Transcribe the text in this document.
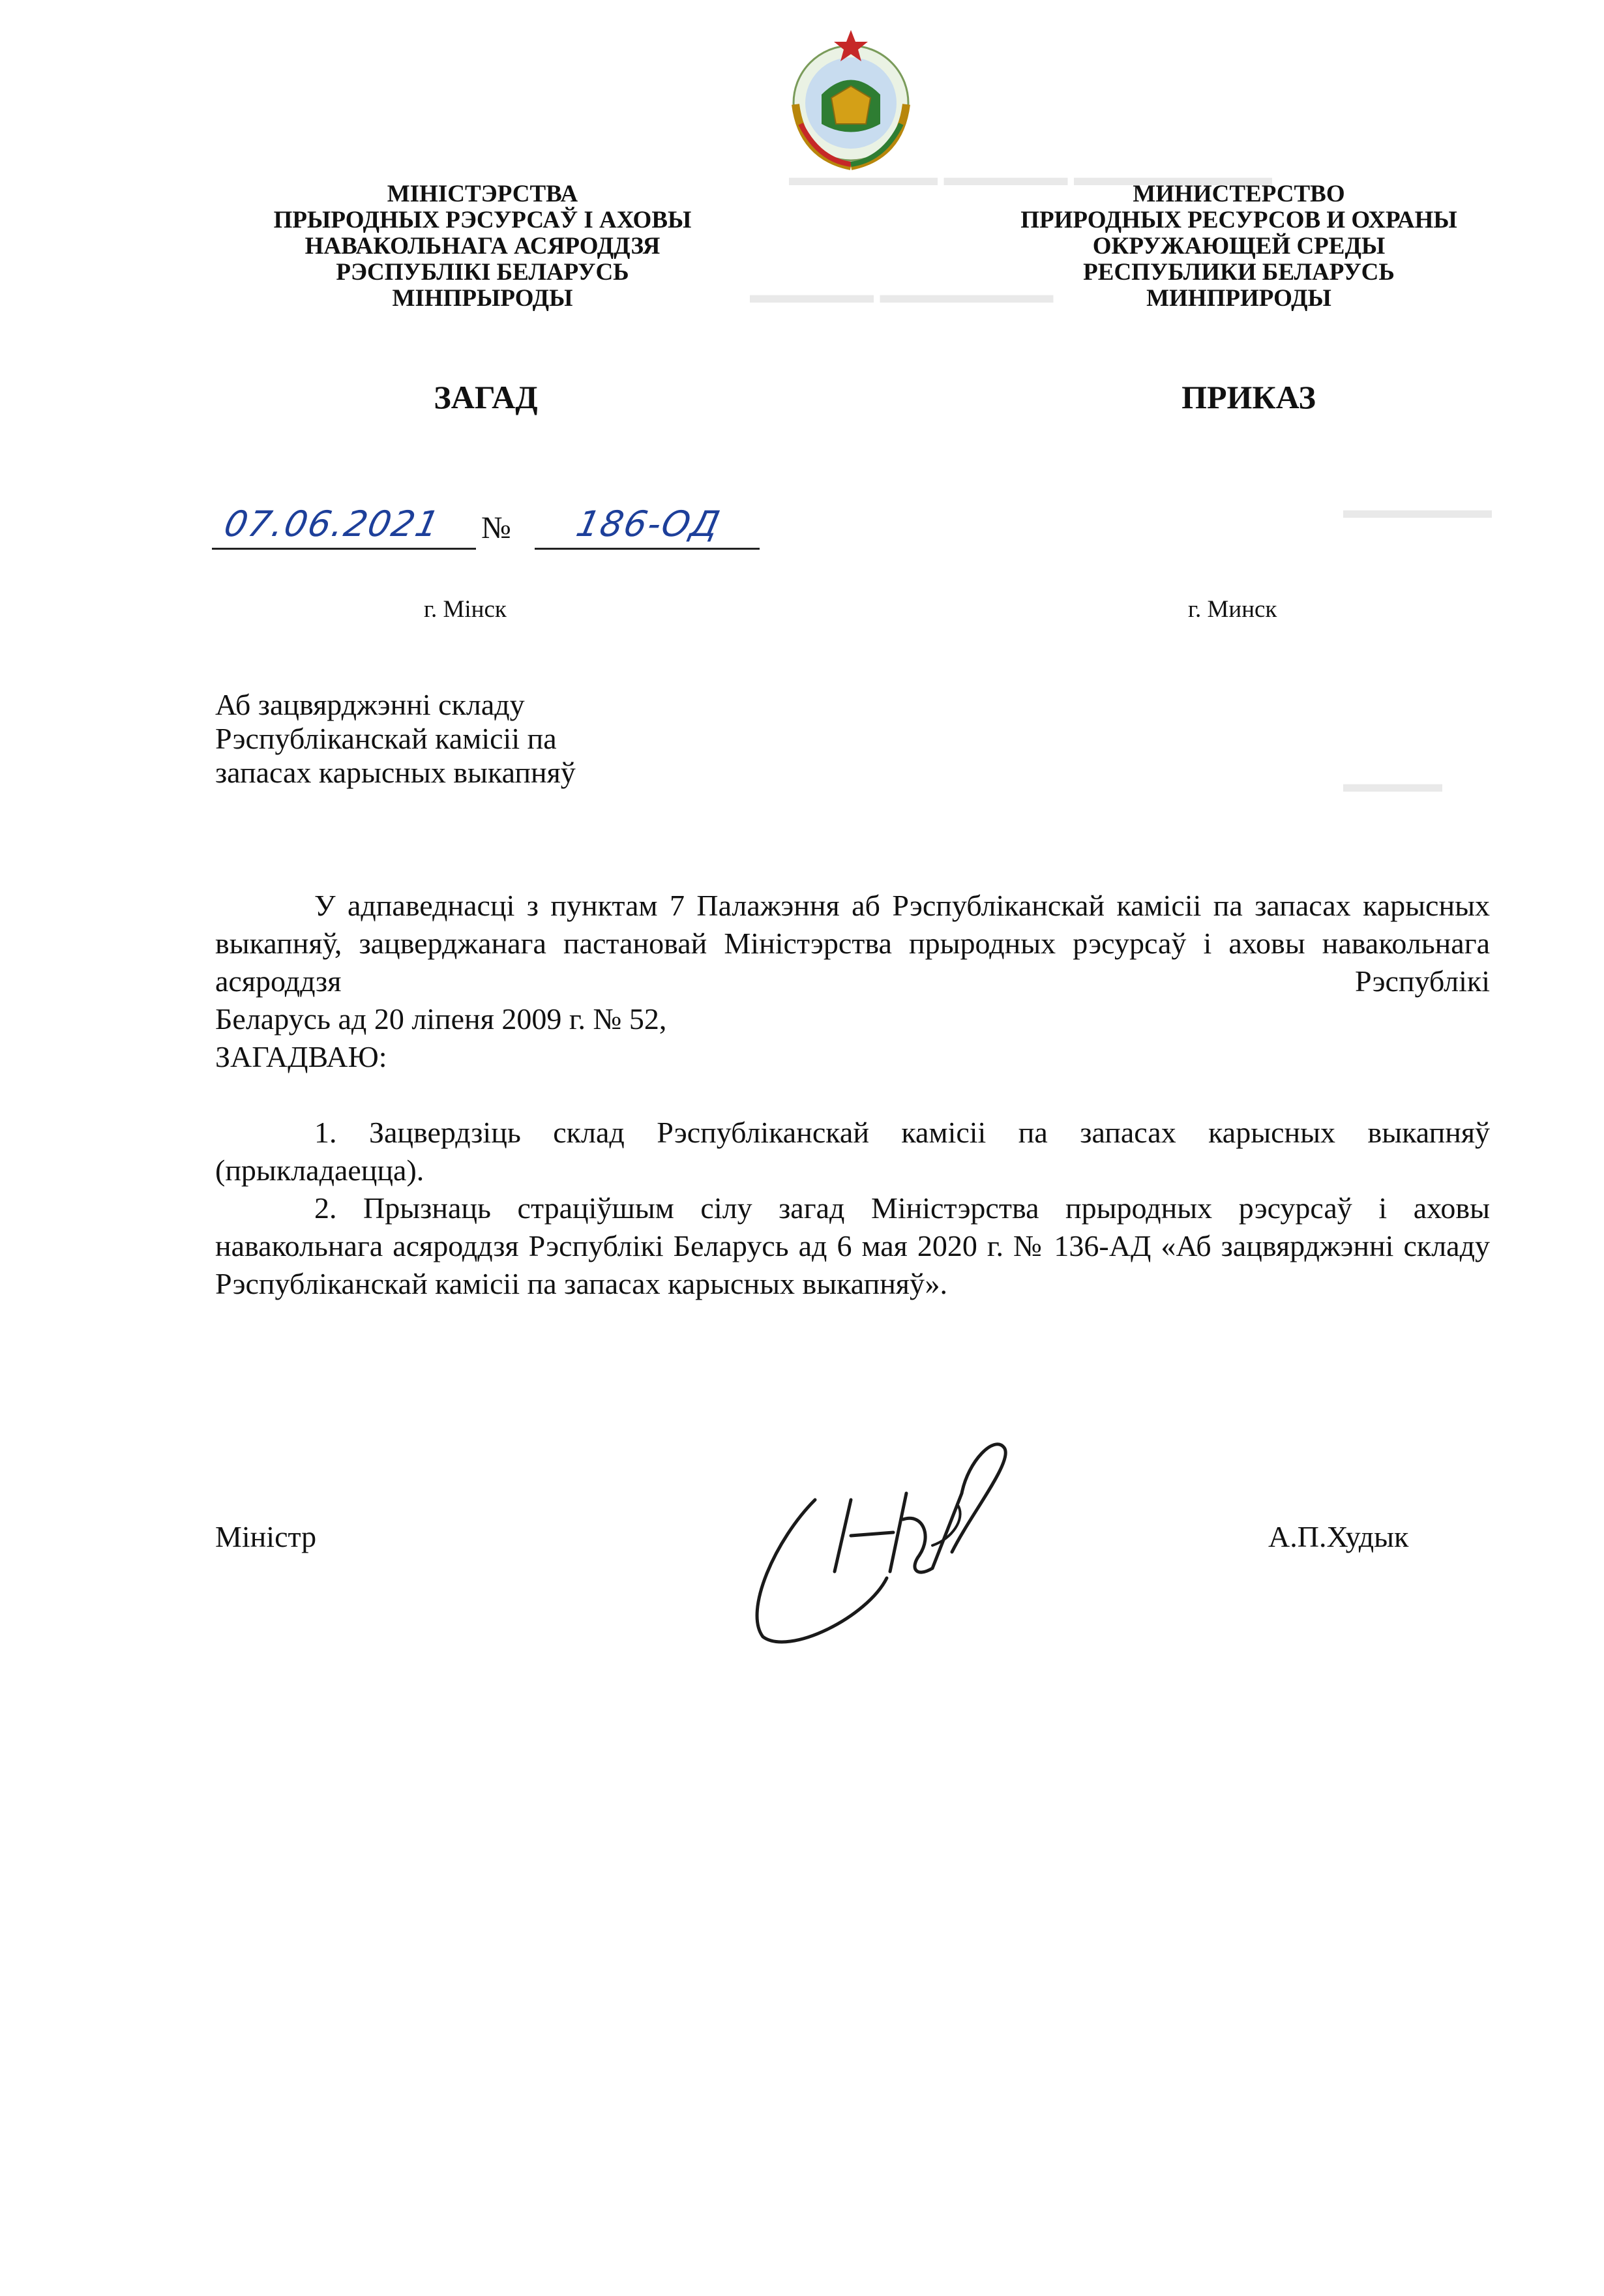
▬▬▬▬▬▬ ▬▬▬▬▬ ▬▬▬▬▬▬▬▬
▬▬▬▬▬ ▬▬▬▬▬▬▬
▬▬▬▬▬▬
▬▬▬▬
МІНІСТЭРСТВА
ПРЫРОДНЫХ РЭСУРСАЎ І АХОВЫ
НАВАКОЛЬНАГА АСЯРОДДЗЯ
РЭСПУБЛІКІ БЕЛАРУСЬ
МІНПРЫРОДЫ
МИНИСТЕРСТВО
ПРИРОДНЫХ РЕСУРСОВ И ОХРАНЫ
ОКРУЖАЮЩЕЙ СРЕДЫ
РЕСПУБЛИКИ БЕЛАРУСЬ
МИНПРИРОДЫ
ЗАГАД	ПРИКАЗ
07.06.2021 № 186-ОД
г. Мінск	г. Минск
Аб зацвярджэнні складу
Рэспубліканскай камісіі па
запасах карысных выкапняў

У адпаведнасці з пунктам 7 Палажэння аб Рэспубліканскай камісіі па запасах карысных выкапняў, зацверджанага пастановай Міністэрства прыродных рэсурсаў і аховы навакольнага асяроддзя Рэспублікі

Беларусь ад 20 ліпеня 2009 г. № 52,

ЗАГАДВАЮ:

1. Зацвердзіць склад Рэспубліканскай камісіі па запасах карысных выкапняў (прыкладаецца).

2. Прызнаць страціўшым сілу загад Міністэрства прыродных рэсурсаў і аховы навакольнага асяроддзя Рэспублікі Беларусь ад 6 мая 2020 г. № 136-АД «Аб зацвярджэнні складу Рэспубліканскай камісіі па запасах карысных выкапняў».

Міністр	А.П.Худык
